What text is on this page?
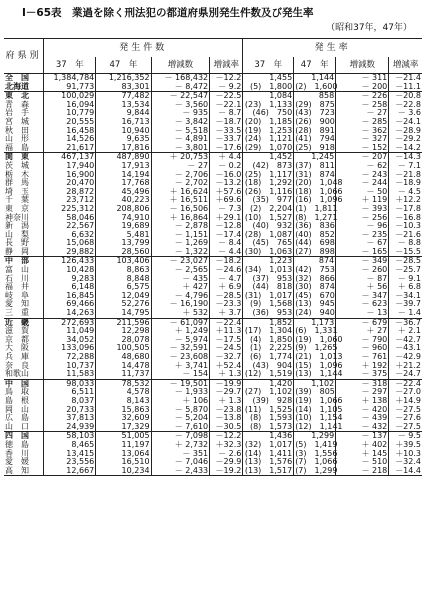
I－65表　業過を除く刑法犯の都道府県別発生件数及び発生率
（昭和37年，47年）
府県別	発生件数				発生率			
	37　年	47　年	増減数	増減率	37　年	47　年	増減数	増減率
全　国	1,384,784	1,216,352	－ 168,432	－12.2	1,455	1,144	－ 311	－21.4
北海道	91,773	83,301	－ 8,472	－ 9.2	(5)　1,800	(2)　1,600	－ 200	－11.1
東　北	100,029	77,482	－ 22,547	－22.5	1,084	858	－ 226	－20.8
青　森	16,094	13,534	－ 3,560	－22.1	(23)　1,133	(29)　875	－ 258	－22.8
岩　手	10,779	9,844	－ 935	－ 8.7	(46)　750	(43)　723	－ 27	－ 3.6
宮　城	20,555	16,713	－ 3,842	－18.7	(20)　1,185	(26)　900	－ 285	－24.1
秋　田	16,458	10,940	－ 5,518	－33.5	(19)　1,253	(28)　891	－ 362	－28.9
山　形	14,526	9,635	－ 4,891	－33.7	(24)　1,121	(41)　794	－ 327	－29.2
福　島	21,617	17,816	－ 3,801	－17.6	(29)　1,070	(25)　918	－ 152	－14.2
関　東	467,137	487,890	＋ 20,753	＋ 4.4	1,452	1,245	－ 207	－14.3
茨　城	17,940	17,913	－ 27	－ 0.2	(42)　873	(37)　811	－ 62	－ 7.1
栃　木	16,900	14,194	－ 2,706	－16.0	(25)　1,117	(31)　874	－ 243	－21.8
群　馬	20,470	17,768	－ 2,702	－13.2	(18)　1,292	(20)　1,048	－ 244	－18.9
埼　玉	28,872	45,496	＋ 16,624	＋57.6	(26)　1,116	(18)　1,066	－ 50	－ 4.5
千　葉	23,712	40,223	＋ 16,511	＋69.6	(35)　977	(16)　1,096	＋ 119	＋12.2
東　京	225,312	208,806	－ 16,506	－ 7.3	(2)　2,204	(1)　1,811	－ 393	－17.8
神奈川	58,046	74,910	＋ 16,864	＋29.1	(10)　1,527	(8)　1,271	－ 256	－16.8
新　潟	22,567	19,689	－ 2,878	－12.8	(40)　932	(36)　836	－ 96	－10.3
山　梨	6,632	5,481	－ 1,151	－17.4	(28)　1,087	(40)　852	－ 235	－21.6
長　野	15,068	13,799	－ 1,269	－ 8.4	(45)　765	(44)　698	－ 67	－ 8.8
静　岡	29,882	28,560	－ 1,322	－ 4.4	(30)　1,063	(27)　898	－ 165	－15.5
中　部	126,433	103,406	－ 23,027	－18.2	1,223	874	－ 349	－28.5
富　山	10,428	8,863	－ 2,565	－24.6	(34)　1,013	(42)　753	－ 260	－25.7
石　川	9,283	8,848	－ 435	－ 4.7	(37)　953	(32)　866	－ 87	－ 9.1
福　井	6,148	6,575	＋ 427	＋ 6.9	(44)　818	(30)　874	＋ 56	＋ 6.8
岐　阜	16,845	12,049	－ 4,796	－28.5	(31)　1,017	(45)　670	－ 347	－34.1
愛　知	69,466	52,276	－ 16,190	－23.3	(9)　1,568	(13)　945	－ 623	－39.7
三　重	14,263	14,795	＋ 532	＋ 3.7	(36)　953	(24)　940	－ 13	－ 1.4
近　畿	272,693	211,596	－ 61,097	－22.4	1,852	1,173	－ 679	－36.7
滋　賀	11,049	12,298	＋ 1,249	＋11.3	(17)　1,304	(6)　1,331	＋ 27	＋ 2.1
京　都	34,052	28,078	－ 5,974	－17.5	(4)　1,850	(19)　1,060	－ 790	－42.7
大　阪	133,096	100,505	－ 32,591	－24.5	(1)　2,225	(9)　1,265	－ 960	－43.1
兵　庫	72,288	48,680	－ 23,608	－32.7	(6)　1,774	(21)　1,013	－ 761	－42.9
奈　良	10,737	14,478	＋ 3,741	＋52.4	(43)　904	(15)　1,096	＋ 192	＋21.2
和歌山	11,583	11,737	－ 154	＋ 1.3	(12)　1,519	(13)　1,144	－ 375	－24.7
中　国	98,033	78,532	－ 19,501	－19.9	1,420	1,102	－ 318	－22.4
鳥　取	6,511	4,578	－ 1,933	－29.7	(27)　1,102	(39)　805	－ 297	－27.0
島　根	8,037	8,143	＋ 106	＋ 1.3	(39)　928	(19)　1,066	＋ 138	＋14.9
岡　山	20,733	15,863	－ 5,870	－23.8	(11)　1,525	(14)　1,105	－ 420	－27.5
広　島	37,813	32,609	－ 5,204	－13.8	(8)　1,593	(10)　1,154	－ 439	－27.6
山　口	24,939	17,329	－ 7,610	－30.5	(8)　1,573	(12)　1,141	－ 432	－27.5
四　国	58,103	51,005	－ 7,098	－12.2	1,436	1,299	－ 137	－ 9.5
徳　島	8,465	11,197	＋ 2,732	＋32.3	(32)　1,017	(5)　1,419	＋ 402	＋39.5
香　川	13,415	13,064	－ 351	－ 2.6	(14)　1,411	(3)　1,556	＋ 145	＋10.3
愛　媛	23,556	16,510	－ 7,046	－29.9	(13)　1,576	(7)　1,066	－ 510	－32.4
高　知	12,667	10,234	－ 2,433	－19.2	(13)　1,517	(7)　1,299	－ 218	－14.4
